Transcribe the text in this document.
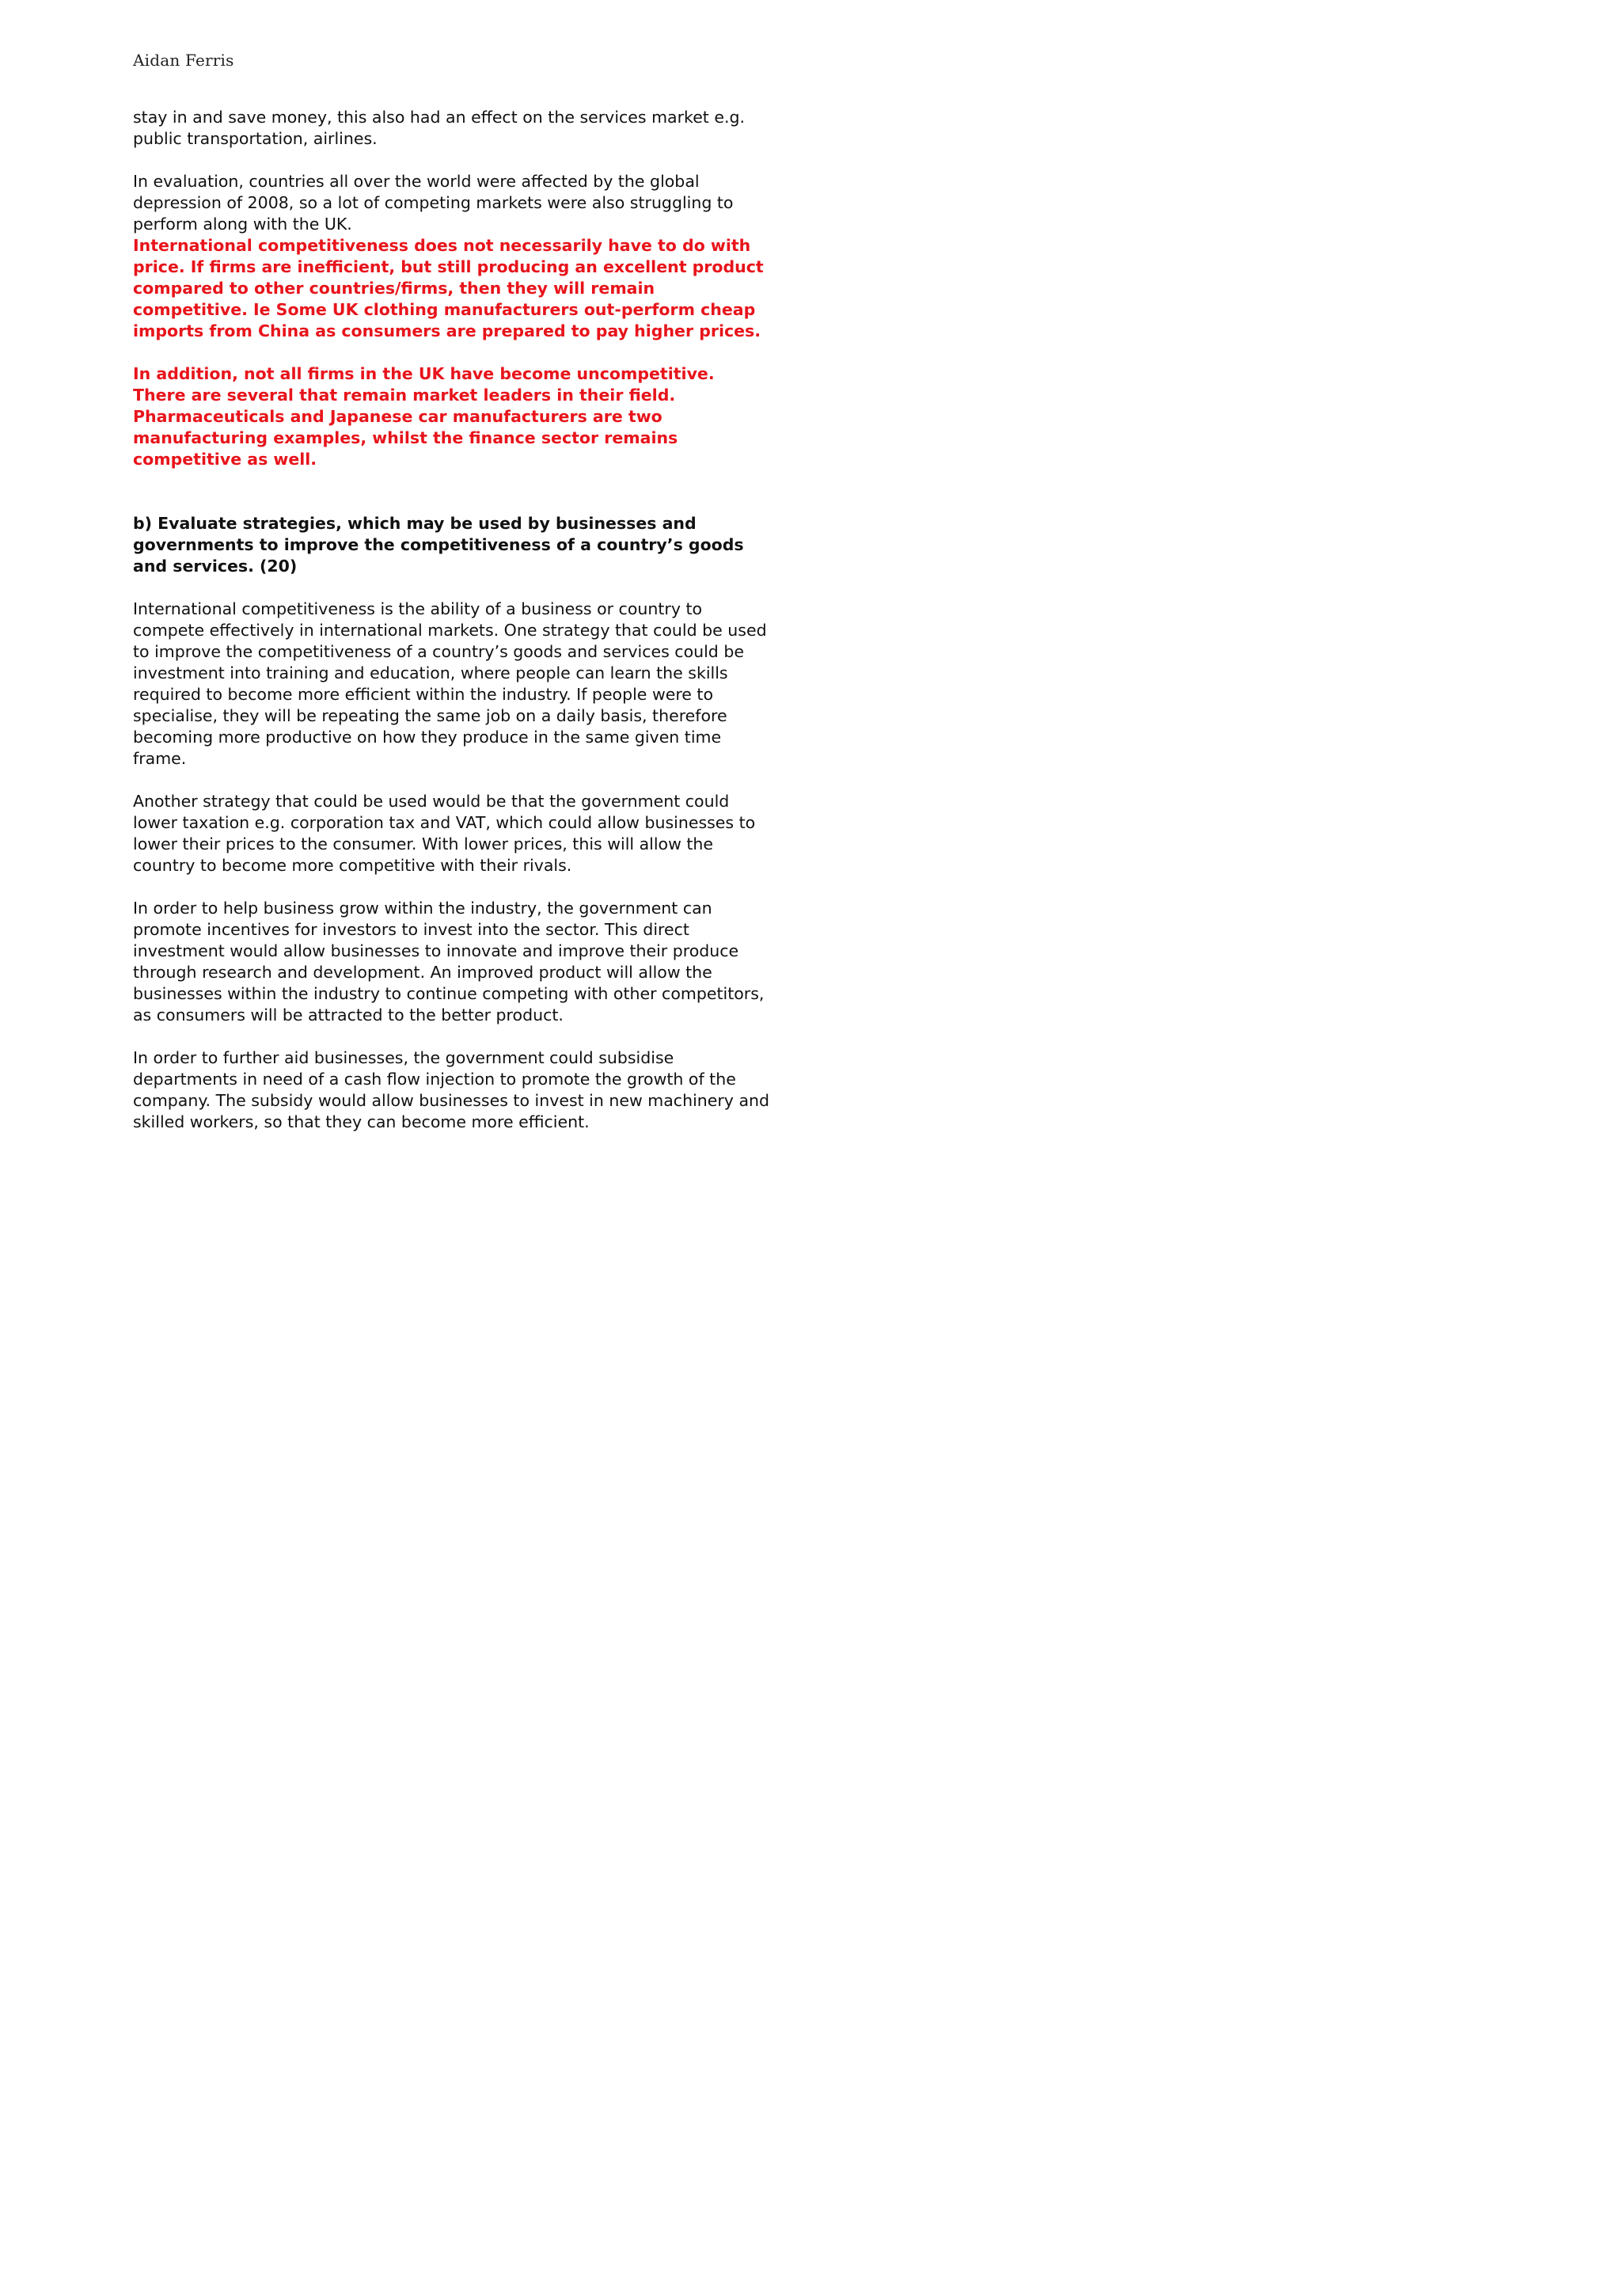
Aidan Ferris

stay in and save money, this also had an effect on the services market e.g.
public transportation, airlines.

In evaluation, countries all over the world were affected by the global
depression of 2008, so a lot of competing markets were also struggling to
perform along with the UK.

International competitiveness does not necessarily have to do with
price. If firms are inefficient, but still producing an excellent product
compared to other countries/firms, then they will remain
competitive. Ie Some UK clothing manufacturers out-perform cheap
imports from China as consumers are prepared to pay higher prices.

In addition, not all firms in the UK have become uncompetitive.
There are several that remain market leaders in their field.
Pharmaceuticals and Japanese car manufacturers are two
manufacturing examples, whilst the finance sector remains
competitive as well.

b) Evaluate strategies, which may be used by businesses and
governments to improve the competitiveness of a country’s goods
and services. (20)

International competitiveness is the ability of a business or country to
compete effectively in international markets. One strategy that could be used
to improve the competitiveness of a country’s goods and services could be
investment into training and education, where people can learn the skills
required to become more efficient within the industry. If people were to
specialise, they will be repeating the same job on a daily basis, therefore
becoming more productive on how they produce in the same given time
frame.

Another strategy that could be used would be that the government could
lower taxation e.g. corporation tax and VAT, which could allow businesses to
lower their prices to the consumer. With lower prices, this will allow the
country to become more competitive with their rivals.

In order to help business grow within the industry, the government can
promote incentives for investors to invest into the sector. This direct
investment would allow businesses to innovate and improve their produce
through research and development. An improved product will allow the
businesses within the industry to continue competing with other competitors,
as consumers will be attracted to the better product.

In order to further aid businesses, the government could subsidise
departments in need of a cash flow injection to promote the growth of the
company. The subsidy would allow businesses to invest in new machinery and
skilled workers, so that they can become more efficient.
